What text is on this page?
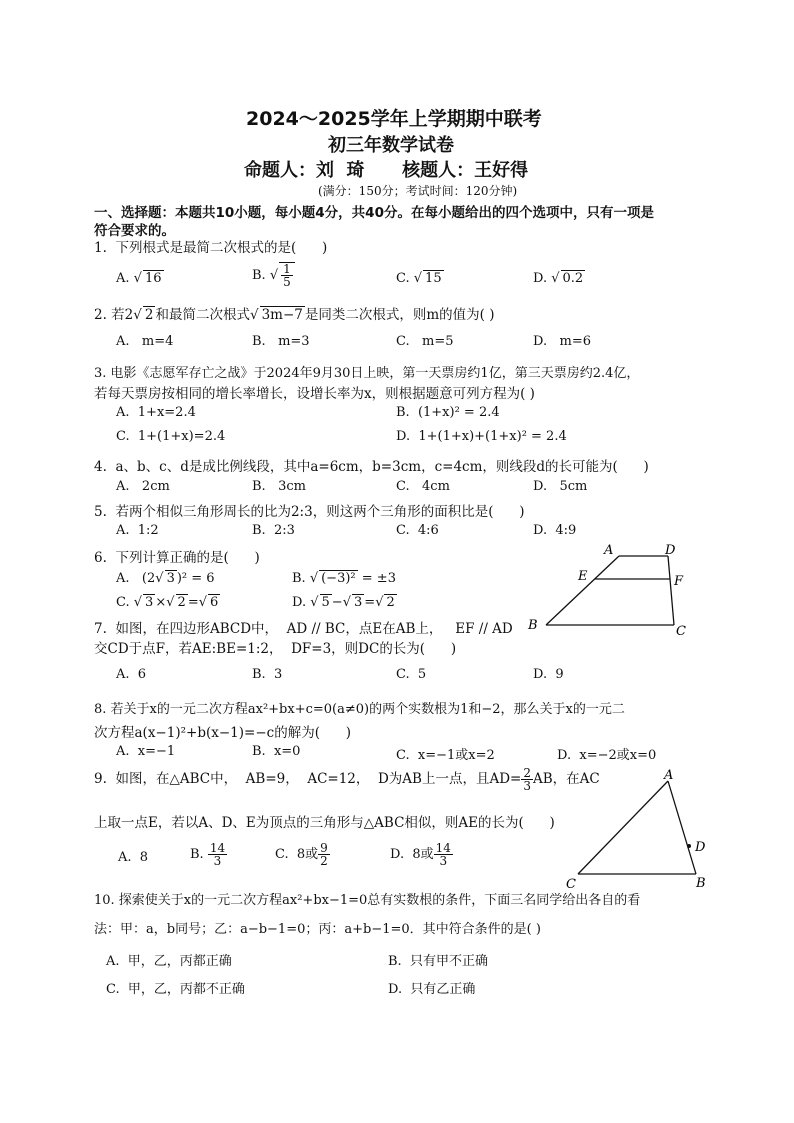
2024～2025学年上学期期中联考
初三年数学试卷
命题人：刘  琦      核题人：王好得
(满分：150分；考试时间：120分钟)
一、选择题：本题共10小题，每小题4分，共40分。在每小题给出的四个选项中，只有一项是
符合要求的。
1.  下列根式是最简二次根式的是(      )
A. √ 16	B. √ $\frac{1}{5}$	C. √ 15	D. √ 0.2
2. 若2√ 2 和最简二次根式√ 3m−7 是同类二次根式，则m的值为( )
A.   m=4	B.   m=3	C.   m=5	D.   m=6
3. 电影《志愿军存亡之战》于2024年9月30日上映，第一天票房约1亿，第三天票房约2.4亿，
若每天票房按相同的增长率增长，设增长率为x，则根据题意可列方程为( )
A.  1+x=2.4	B.  (1+x)² = 2.4
C.  1+(1+x)=2.4	D.  1+(1+x)+(1+x)² = 2.4
4.  a、b、c、d是成比例线段，其中a=6cm，b=3cm，c=4cm，则线段d的长可能为(      )
A.   2cm	B.   3cm	C.   4cm	D.   5cm
5.  若两个相似三角形周长的比为2:3，则这两个三角形的面积比是(      )
A.  1:2	B.  2:3	C.  4:6	D.  4:9
6.  下列计算正确的是(      )
A.   (2√ 3 )² = 6	B. √ (−3)² = ±3
C. √ 3 ×√ 2 =√ 6	D. √ 5 −√ 3 =√ 2
A	D
E	F
B	C
7.  如图，在四边形ABCD中，  AD // BC，点E在AB上，   EF // AD
交CD于点F，若AE:BE=1:2，  DF=3，则DC的长为(      )
A.  6	B.  3	C.  5	D.  9
8. 若关于x的一元二次方程ax²+bx+c=0(a≠0)的两个实数根为1和−2，那么关于x的一元二
次方程a(x−1)²+b(x−1)=−c的解为(      )
A.  x=−1	B.  x=0	C.  x=−1或x=2	D.  x=−2或x=0
9.  如图，在△ABC中，  AB=9，  AC=12，  D为AB上一点，且$AD= \frac{2}{3}$ AB，在AC
上取一点E，若以A、D、E为顶点的三角形与△ABC相似，则AE的长为(      )
A.  8	B. $\frac{14}{3}$	C.  8或 $\frac{9}{2}$	D.  8或 $\frac{14}{3}$
A
D
C	B
10. 探索使关于x的一元二次方程ax²+bx−1=0总有实数根的条件，下面三名同学给出各自的看
法：甲：a，b同号；乙：a−b−1=0；丙：a+b−1=0．其中符合条件的是( )
A.  甲，乙，丙都正确	B.  只有甲不正确
C.  甲，乙，丙都不正确	D.  只有乙正确
